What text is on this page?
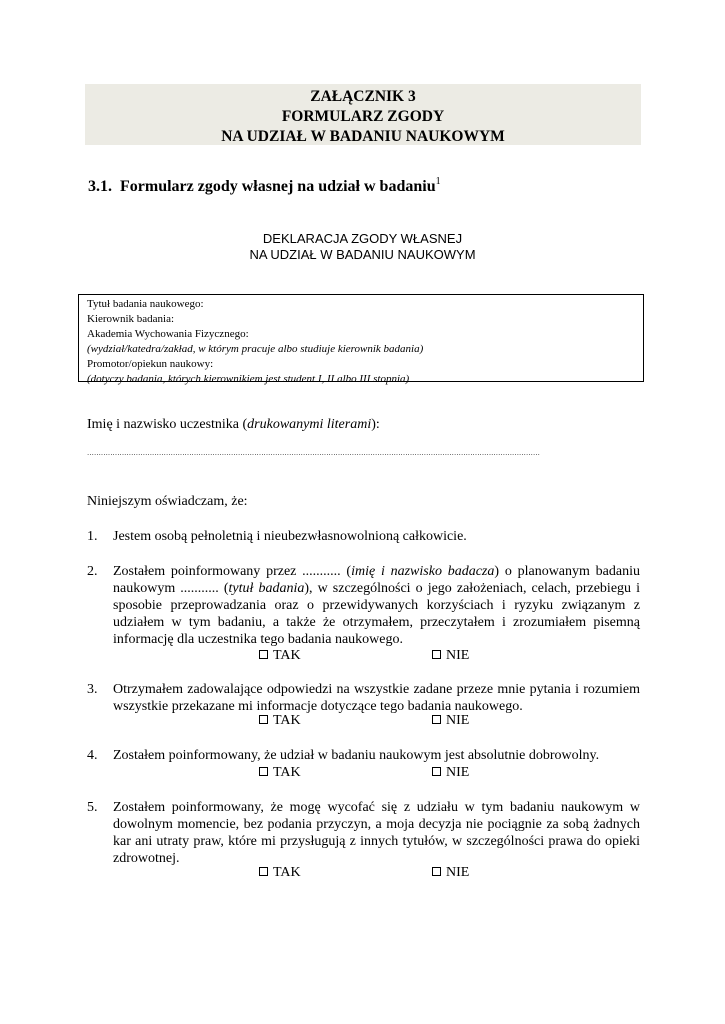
ZAŁĄCZNIK 3
FORMULARZ ZGODY
NA UDZIAŁ W BADANIU NAUKOWYM
3.1. Formularz zgody własnej na udział w badaniu$^1$
DEKLARACJA ZGODY WŁASNEJ
NA UDZIAŁ W BADANIU NAUKOWYM
Tytuł badania naukowego:
Kierownik badania:
Akademia Wychowania Fizycznego:
(wydział/katedra/zakład, w którym pracuje albo studiuje kierownik badania)
Promotor/opiekun naukowy:
(dotyczy badania, których kierownikiem jest student I, II albo III stopnia)
Imię i nazwisko uczestnika (drukowanymi literami):
...................................................................................................................................................................................................
Niniejszym oświadczam, że:
1.	Jestem osobą pełnoletnią i nieubezwłasnowolnioną całkowicie.
2.	Zostałem poinformowany przez ........... (imię i nazwisko badacza) o planowanym badaniu naukowym ........... (tytuł badania), w szczególności o jego założeniach, celach, przebiegu i sposobie przeprowadzania oraz o przewidywanych korzyściach i ryzyku związanym z udziałem w tym badaniu, a także że otrzymałem, przeczytałem i zrozumiałem pisemną informację dla uczestnika tego badania naukowego.
TAK	NIE
3.	Otrzymałem zadowalające odpowiedzi na wszystkie zadane przeze mnie pytania i rozumiem wszystkie przekazane mi informacje dotyczące tego badania naukowego.
TAK	NIE
4.	Zostałem poinformowany, że udział w badaniu naukowym jest absolutnie dobrowolny.
TAK	NIE
5.	Zostałem poinformowany, że mogę wycofać się z udziału w tym badaniu naukowym w dowolnym momencie, bez podania przyczyn, a moja decyzja nie pociągnie za sobą żadnych kar ani utraty praw, które mi przysługują z innych tytułów, w szczególności prawa do opieki zdrowotnej.
TAK	NIE
